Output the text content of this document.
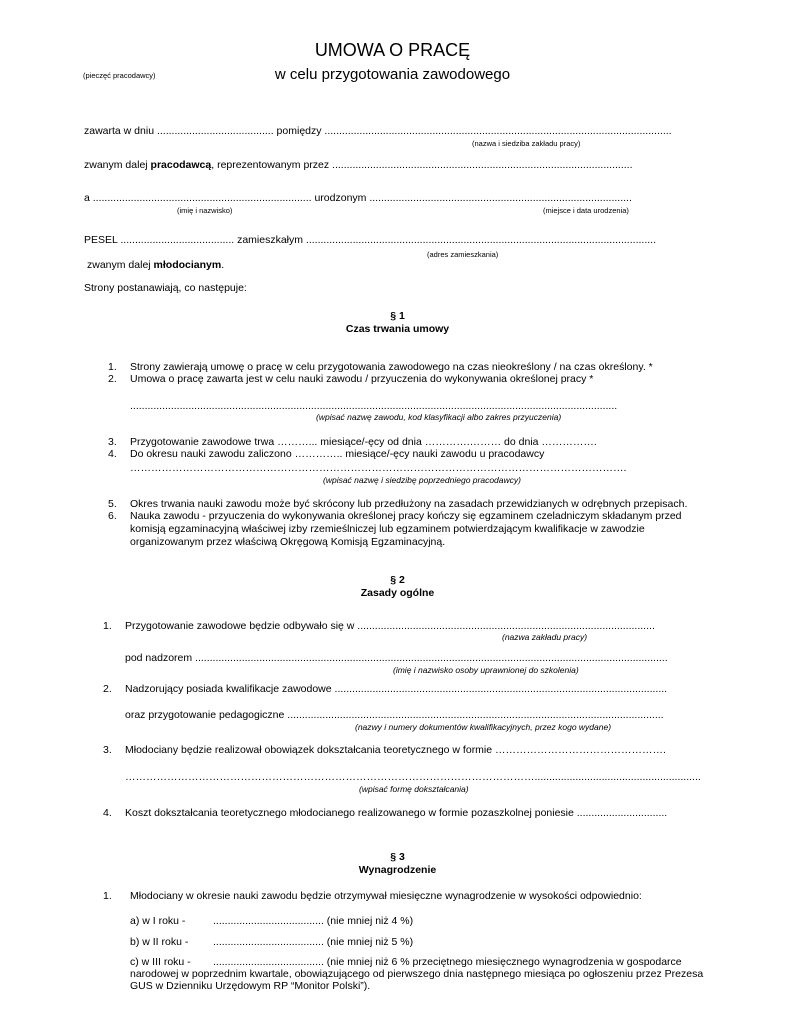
UMOWA O PRACĘ
(pieczęć pracodawcy)	w celu przygotowania zawodowego
zawarta w dniu ........................................ pomiędzy .......................................................................................................................
(nazwa i siedziba zakładu pracy)
zwanym dalej pracodawcą, reprezentowanym przez .......................................................................................................
a ........................................................................... urodzonym ..........................................................................................
(imię i nazwisko)	(miejsce i data urodzenia)
PESEL ....................................... zamieszkałym ........................................................................................................................
(adres zamieszkania)
zwanym dalej młodocianym.
Strony postanawiają, co następuje:
§ 1
Czas trwania umowy
1. Strony zawierają umowę o pracę w celu przygotowania zawodowego na czas nieokreślony / na czas określony. *
2. Umowa o pracę zawarta jest w celu nauki zawodu / przyuczenia do wykonywania określonej pracy *
.......................................................................................................................................................................
(wpisać nazwę zawodu, kod klasyfikacji albo zakres przyuczenia)
3. Przygotowanie zawodowe trwa ………... miesiące/-ęcy od dnia ………….……… do dnia …………….
4. Do okresu nauki zawodu zaliczono ………….. miesiące/-ęcy nauki zawodu u pracodawcy
…………………………………………………………………………………………………………………………….
(wpisać nazwę i siedzibę poprzedniego pracodawcy)
5. Okres trwania nauki zawodu może być skrócony lub przedłużony na zasadach przewidzianych w odrębnych przepisach.
6. Nauka zawodu - przyuczenia do wykonywania określonej pracy kończy się egzaminem czeladniczym składanym przed
komisją egzaminacyjną właściwej izby rzemieślniczej lub egzaminem potwierdzającym kwalifikacje w zawodzie
organizowanym przez właściwą Okręgową Komisją Egzaminacyjną.
§ 2
Zasady ogólne
1. Przygotowanie zawodowe będzie odbywało się w ......................................................................................................
(nazwa zakładu pracy)
pod nadzorem ..................................................................................................................................................................
(imię i nazwisko osoby uprawnionej do szkolenia)
2. Nadzorujący posiada kwalifikacje zawodowe ..................................................................................................................
oraz przygotowanie pedagogiczne .................................................................................................................................
(nazwy i numery dokumentów kwalifikacyjnych, przez kogo wydane)
3. Młodociany będzie realizował obowiązek dokształcania teoretycznego w formie ………………………………………….
……………………………………………………………………………………………………….........................................................
(wpisać formę dokształcania)
4. Koszt dokształcania teoretycznego młodocianego realizowanego w formie pozaszkolnej poniesie ...............................
§ 3
Wynagrodzenie
1. Młodociany w okresie nauki zawodu będzie otrzymywał miesięczne wynagrodzenie w wysokości odpowiednio:
a) w I roku -	...................................... (nie mniej niż 4 %)
b) w II roku - ...................................... (nie mniej niż 5 %)
c) w III roku - ...................................... (nie mniej niż 6 % przeciętnego miesięcznego wynagrodzenia w gospodarce
narodowej w poprzednim kwartale, obowiązującego od pierwszego dnia następnego miesiąca po ogłoszeniu przez Prezesa
GUS w Dzienniku Urzędowym RP “Monitor Polski”).
